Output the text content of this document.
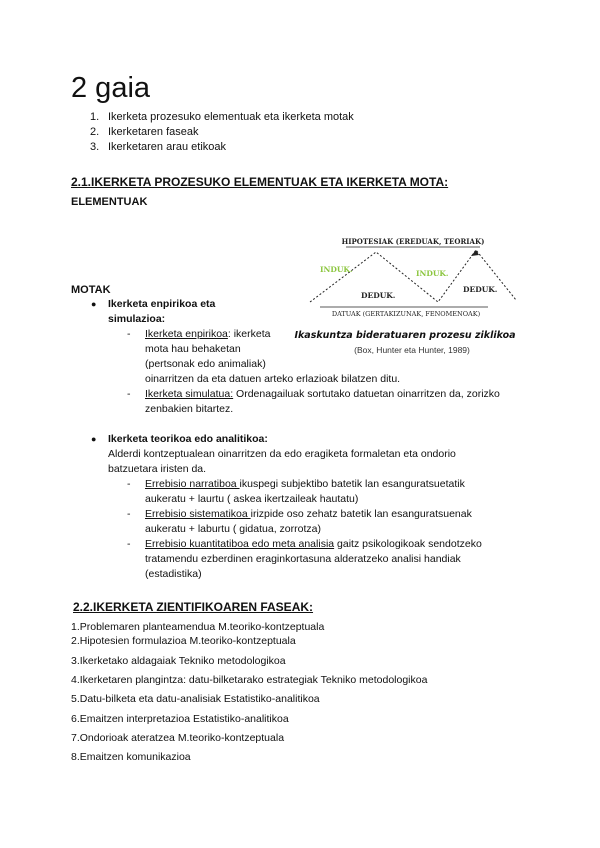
2 gaia
1. Ikerketa prozesuko elementuak eta ikerketa motak
2. Ikerketaren faseak
3. Ikerketaren arau etikoak
2.1.IKERKETA PROZESUKO ELEMENTUAK ETA IKERKETA MOTA:
ELEMENTUAK
HIPOTESIAK (EREDUAK, TEORIAK)
INDUK.	INDUK.
DEDUK.
DEDUK.
DATUAK (GERTAKIZUNAK, FENOMENOAK)
Ikaskuntza bideratuaren prozesu ziklikoa
(Box, Hunter eta Hunter, 1989)
MOTAK
● Ikerketa enpirikoa eta
simulazioa:
- Ikerketa enpirikoa: ikerketa
mota hau behaketan
(pertsonak edo animaliak)
oinarritzen da eta datuen arteko erlazioak bilatzen ditu.
- Ikerketa simulatua: Ordenagailuak sortutako datuetan oinarritzen da, zorizko
zenbakien bitartez.
● Ikerketa teorikoa edo analitikoa:
Alderdi kontzeptualean oinarritzen da edo eragiketa formaletan eta ondorio
batzuetara iristen da.
- Errebisio narratiboa ikuspegi subjektibo batetik lan esanguratsuetatik
aukeratu + laurtu ( askea ikertzaileak hautatu)
- Errebisio sistematikoa irizpide oso zehatz batetik lan esanguratsuenak
aukeratu + laburtu ( gidatua, zorrotza)
- Errebisio kuantitatiboa edo meta analisia gaitz psikologikoak sendotzeko
tratamendu ezberdinen eraginkortasuna alderatzeko analisi handiak
(estadistika)
2.2.IKERKETA ZIENTIFIKOAREN FASEAK:
1.Problemaren planteamendua M.teoriko-kontzeptuala
2.Hipotesien formulazioa M.teoriko-kontzeptuala
3.Ikerketako aldagaiak Tekniko metodologikoa
4.Ikerketaren plangintza: datu-bilketarako estrategiak Tekniko metodologikoa
5.Datu-bilketa eta datu-analisiak Estatistiko-analitikoa
6.Emaitzen interpretazioa Estatistiko-analitikoa
7.Ondorioak ateratzea M.teoriko-kontzeptuala
8.Emaitzen komunikazioa
